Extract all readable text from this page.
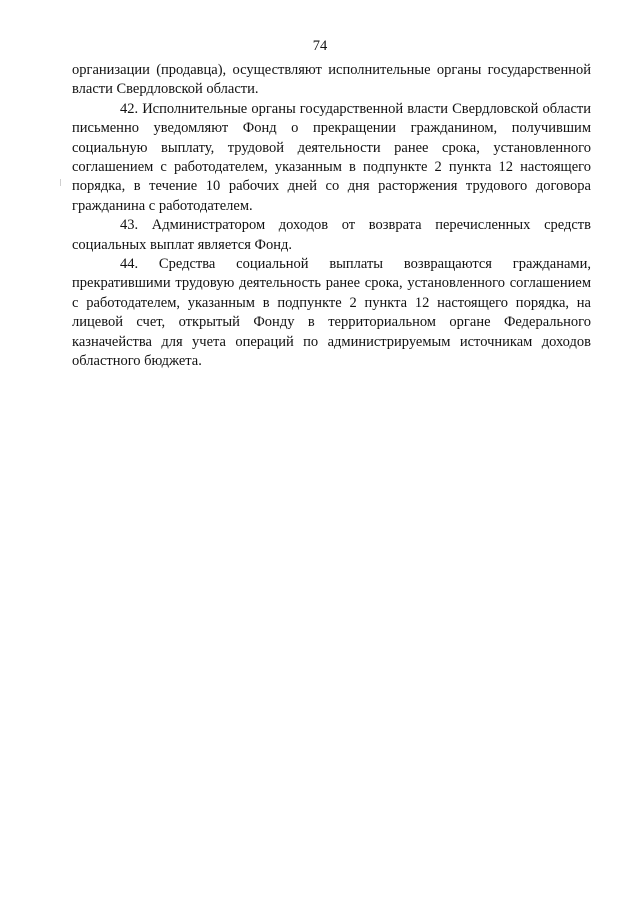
74

организации (продавца), осуществляют исполнительные органы государственной власти Свердловской области.

42. Исполнительные органы государственной власти Свердловской области письменно уведомляют Фонд о прекращении гражданином, получившим социальную выплату, трудовой деятельности ранее срока, установленного соглашением с работодателем, указанным в подпункте 2 пункта 12 настоящего порядка, в течение 10 рабочих дней со дня расторжения трудового договора гражданина с работодателем.

43. Администратором доходов от возврата перечисленных средств социальных выплат является Фонд.

44. Средства социальной выплаты возвращаются гражданами, прекратившими трудовую деятельность ранее срока, установленного соглашением с работодателем, указанным в подпункте 2 пункта 12 настоящего порядка, на лицевой счет, открытый Фонду в территориальном органе Федерального казначейства для учета операций по администрируемым источникам доходов областного бюджета.
